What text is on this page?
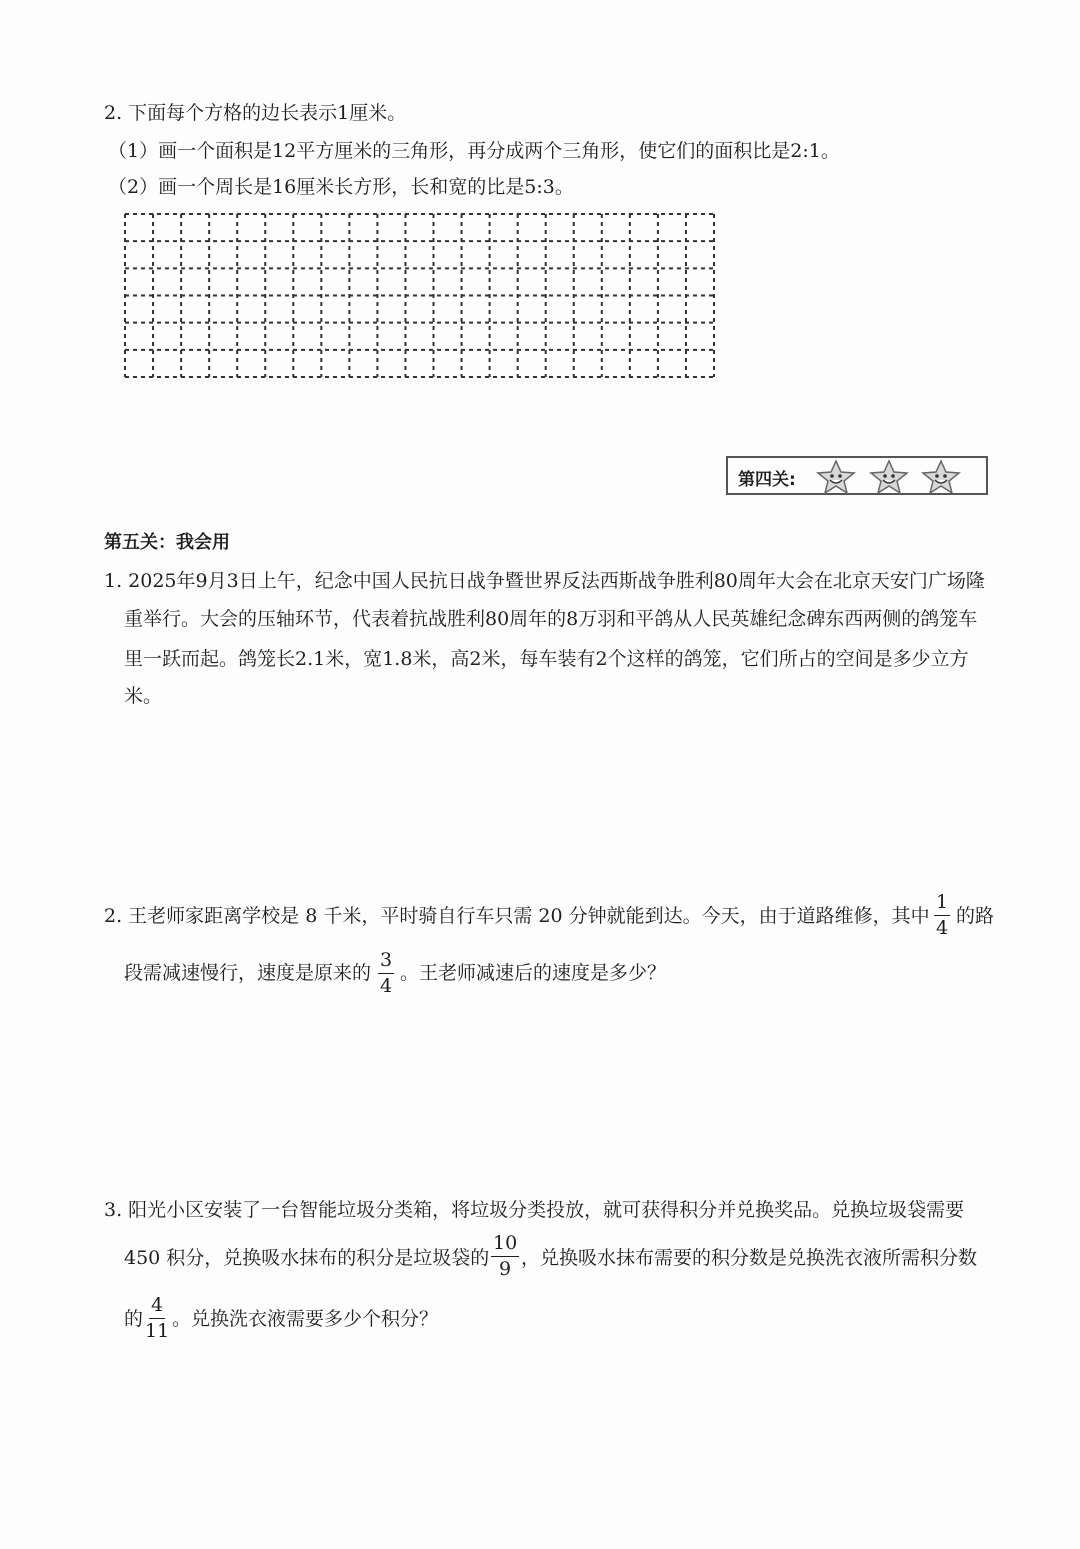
2. 下面每个方格的边长表示1厘米。
（1）画一个面积是12平方厘米的三角形，再分成两个三角形，使它们的面积比是2:1。
（2）画一个周长是16厘米长方形，长和宽的比是5:3。
第四关:
第五关：我会用
1. 2025年9月3日上午，纪念中国人民抗日战争暨世界反法西斯战争胜利80周年大会在北京天安门广场隆
重举行。大会的压轴环节，代表着抗战胜利80周年的8万羽和平鸽从人民英雄纪念碑东西两侧的鸽笼车
里一跃而起。鸽笼长2.1米，宽1.8米，高2米，每车装有2个这样的鸽笼，它们所占的空间是多少立方
米。
2. 王老师家距离学校是 8 千米，平时骑自行车只需 20 分钟就能到达。今天，由于道路维修，其中 $\frac{1}{4}$ 的路
段需减速慢行，速度是原来的 $\frac{3}{4}$ 。王老师减速后的速度是多少？
3. 阳光小区安装了一台智能垃圾分类箱，将垃圾分类投放，就可获得积分并兑换奖品。兑换垃圾袋需要
450 积分，兑换吸水抹布的积分是垃圾袋的 $\frac{10}{9}$ ，兑换吸水抹布需要的积分数是兑换洗衣液所需积分数
的 $\frac{4}{11}$ 。兑换洗衣液需要多少个积分？
